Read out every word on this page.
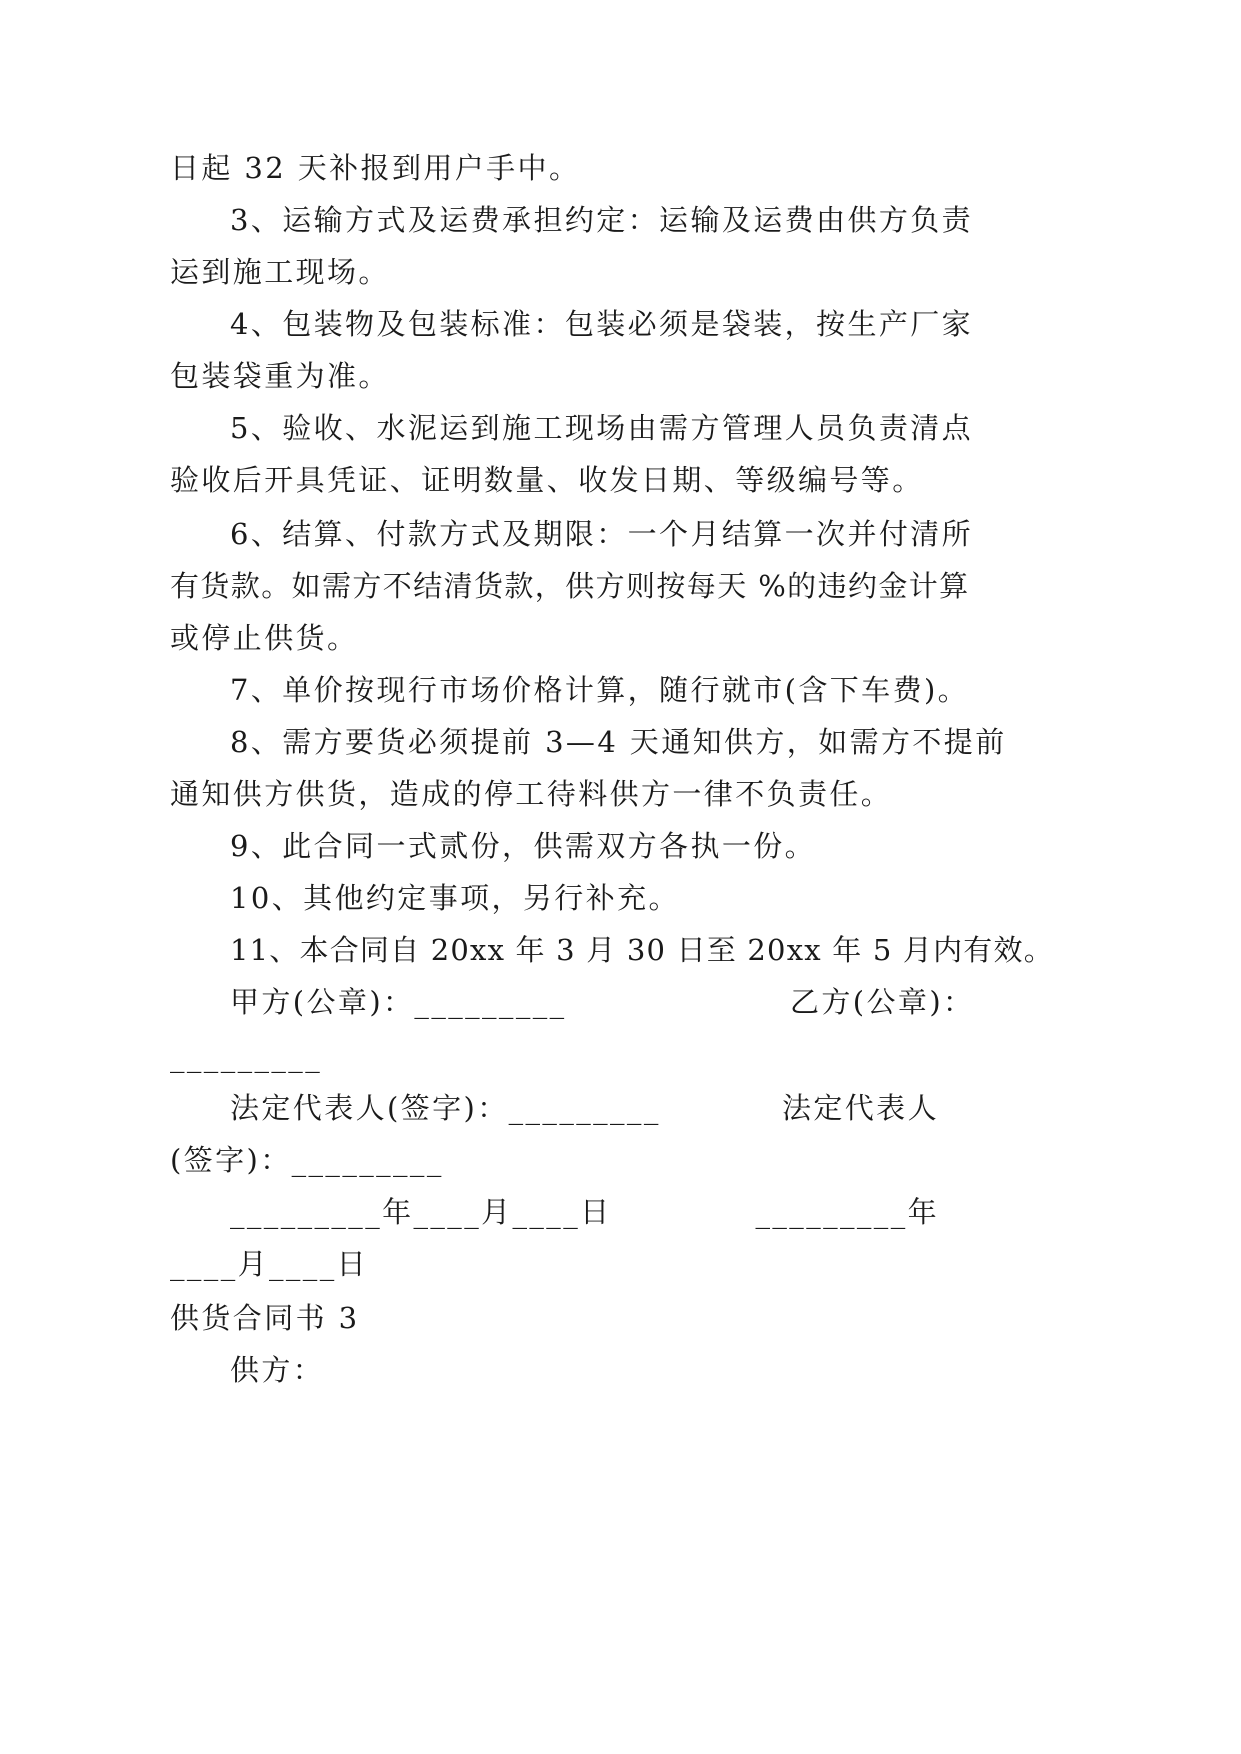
日起 32 天补报到用户手中。
3、运输方式及运费承担约定：运输及运费由供方负责
运到施工现场。
4、包装物及包装标准：包装必须是袋装，按生产厂家
包装袋重为准。
5、验收、水泥运到施工现场由需方管理人员负责清点
验收后开具凭证、证明数量、收发日期、等级编号等。
6、结算、付款方式及期限：一个月结算一次并付清所
有货款。如需方不结清货款，供方则按每天 %的违约金计算
或停止供货。
7、单价按现行市场价格计算，随行就市(含下车费)。
8、需方要货必须提前 3—4 天通知供方，如需方不提前
通知供方供货，造成的停工待料供方一律不负责任。
9、此合同一式贰份，供需双方各执一份。
10、其他约定事项，另行补充。
11、本合同自 20xx 年 3 月 30 日至 20xx 年 5 月内有效。
甲方(公章)：_________	乙方(公章)：
_________
法定代表人(签字)：_________	法定代表人
(签字)：_________
_________年____月____日	_________年
____月____日
供货合同书 3
供方：
